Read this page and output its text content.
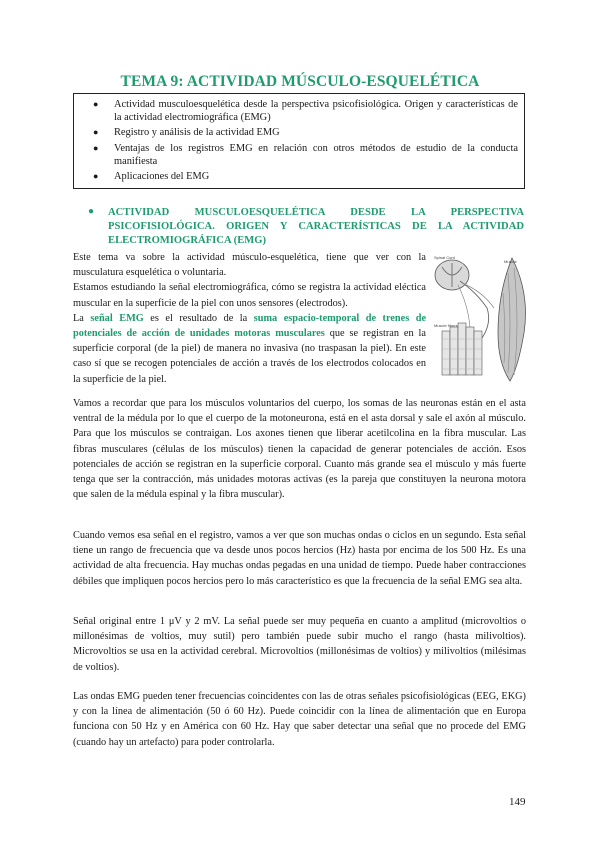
TEMA 9: ACTIVIDAD MÚSCULO-ESQUELÉTICA
● Actividad musculoesquelética desde la perspectiva psicofisiológica. Origen y características de la actividad electromiográfica (EMG)
● Registro y análisis de la actividad EMG
● Ventajas de los registros EMG en relación con otros métodos de estudio de la conducta manifiesta
● Aplicaciones del EMG
● ACTIVIDAD MUSCULOESQUELÉTICA DESDE LA PERSPECTIVA PSICOFISIOLÓGICA. ORIGEN Y CARACTERÍSTICAS DE LA ACTIVIDAD ELECTROMIOGRÁFICA (EMG)

Este tema va sobre la actividad músculo-esquelética, tiene que ver con la musculatura esquelética o voluntaria.

Estamos estudiando la señal electromiográfica, cómo se registra la actividad eléctica muscular en la superficie de la piel con unos sensores (electrodos).

La señal EMG es el resultado de la suma espacio-temporal de trenes de potenciales de acción de unidades motoras musculares que se registran en la superficie corporal (de la piel) de manera no invasiva (no traspasan la piel). En este caso sí que se recogen potenciales de acción a través de los electrodos colocados en la superficie de la piel.

Spinal Cord
Muscle
Muscle fibers

Vamos a recordar que para los músculos voluntarios del cuerpo, los somas de las neuronas están en el asta ventral de la médula por lo que el cuerpo de la motoneurona, está en el asta dorsal y sale el axón al músculo. Para que los músculos se contraigan. Los axones tienen que liberar acetilcolina en la fibra muscular. Las fibras musculares (células de los músculos) tienen la capacidad de generar potenciales de acción. Esos potenciales de acción se registran en la superficie corporal. Cuanto más grande sea el músculo y más fuerte tenga que ser la contracción, más unidades motoras activas (es la pareja que constituyen la neurona motora que salen de la médula espinal y la fibra muscular).

Cuando vemos esa señal en el registro, vamos a ver que son muchas ondas o ciclos en un segundo. Esta señal tiene un rango de frecuencia que va desde unos pocos hercios (Hz) hasta por encima de los 500 Hz. Es una actividad de alta frecuencia. Hay muchas ondas pegadas en una unidad de tiempo. Puede haber contracciones débiles que impliquen pocos hercios pero lo más característico es que la frecuencia de la señal EMG sea alta.

Señal original entre 1 μV y 2 mV. La señal puede ser muy pequeña en cuanto a amplitud (microvoltios o millonésimas de voltios, muy sutil) pero también puede subir mucho el rango (hasta milivoltios). Microvoltios se usa en la actividad cerebral. Microvoltios (millonésimas de voltios) y milivoltios (milésimas de voltios).

Las ondas EMG pueden tener frecuencias coincidentes con las de otras señales psicofisiológicas (EEG, EKG) y con la línea de alimentación (50 ó 60 Hz). Puede coincidir con la línea de alimentación que en Europa funciona con 50 Hz y en América con 60 Hz. Hay que saber detectar una señal que no procede del EMG (cuando hay un artefacto) para poder controlarla.

149
